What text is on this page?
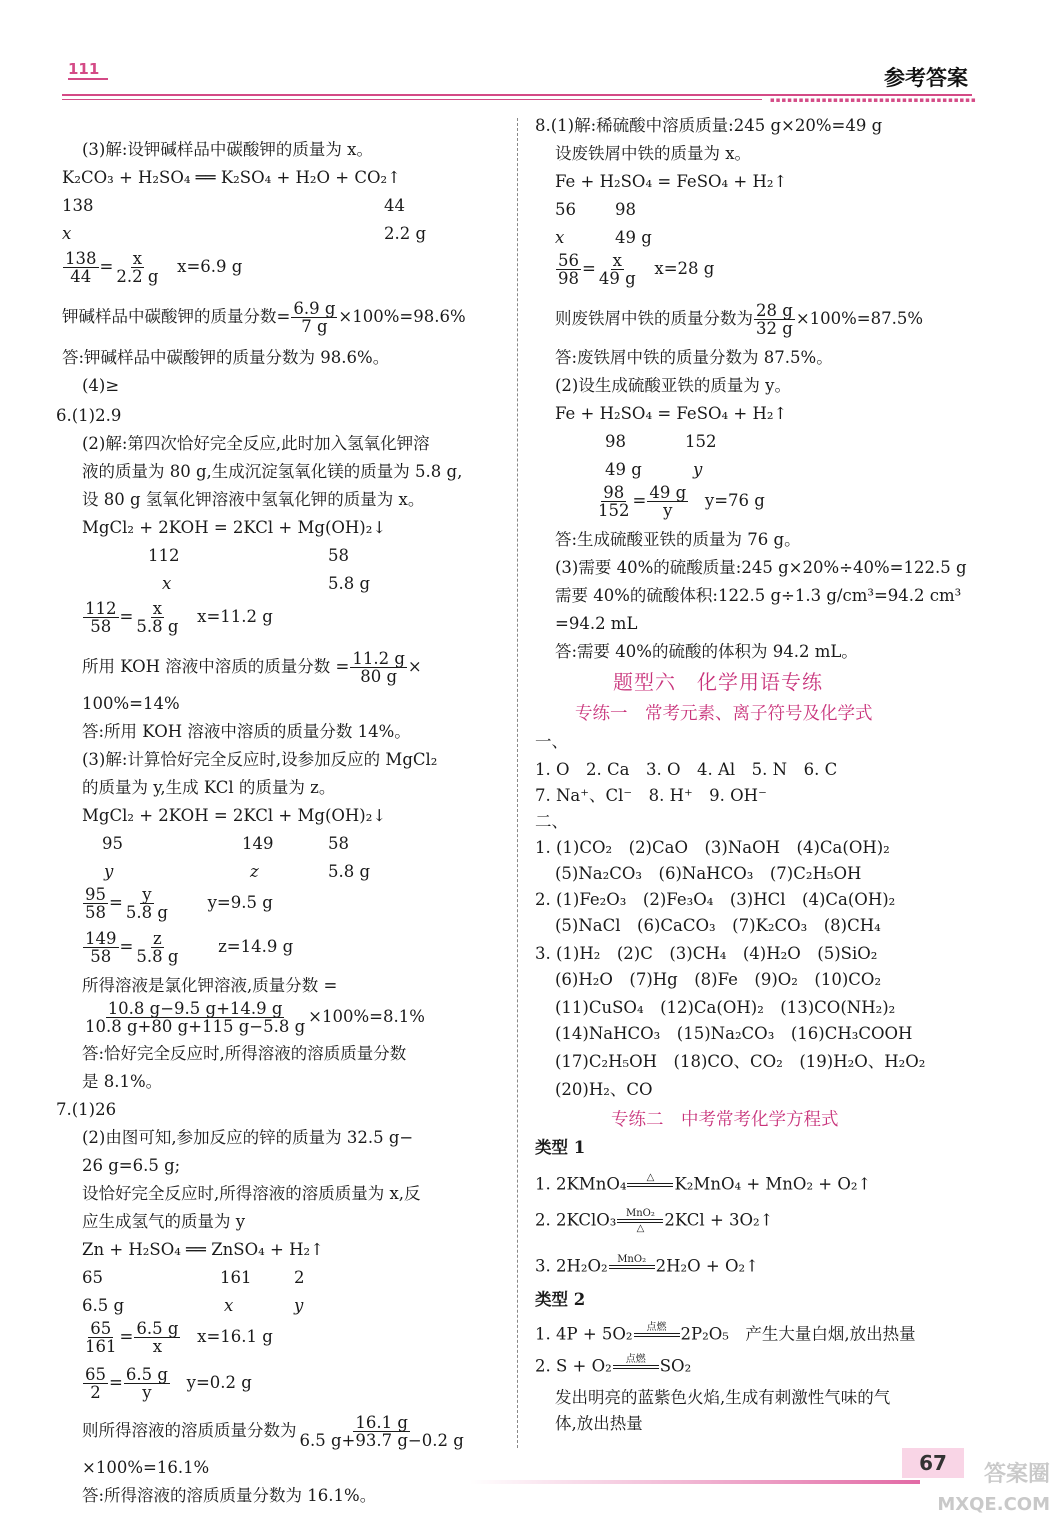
111	参考答案
▪▪▪▪▪▪▪▪▪▪▪▪▪▪▪▪▪▪▪▪▪▪▪▪▪▪▪▪▪▪▪▪▪▪▪▪
(3)解:设钾碱样品中碳酸钾的质量为 x。
K₂CO₃ + H₂SO₄ ══ K₂SO₄ + H₂O + CO₂↑
138	44
x	2.2 g
$\frac{138}{44} = \frac{x}{2.2 g} x=6.9$ g
钾碱样品中碳酸钾的质量分数= $\frac{6.9 g}{7 g} \times 100\%=98.6\%$
答:钾碱样品中碳酸钾的质量分数为 98.6%。
(4)≥
6.(1)2.9
(2)解:第四次恰好完全反应,此时加入氢氧化钾溶
液的质量为 80 g,生成沉淀氢氧化镁的质量为 5.8 g,
设 80 g 氢氧化钾溶液中氢氧化钾的质量为 x。
MgCl₂ + 2KOH = 2KCl + Mg(OH)₂↓
112	58
x	5.8 g
$\frac{112}{58} = \frac{x}{5.8 g} x=11.2$ g
所用 KOH 溶液中溶质的质量分数 = $\frac{11.2 g}{80 g}$ ×
100%=14%
答:所用 KOH 溶液中溶质的质量分数 14%。
(3)解:计算恰好完全反应时,设参加反应的 MgCl₂
的质量为 y,生成 KCl 的质量为 z。
MgCl₂ + 2KOH = 2KCl + Mg(OH)₂↓
95	149	58
y	z	5.8 g
$\frac{95}{58} = \frac{y}{5.8 g} y=9.5$ g
$\frac{149}{58} = \frac{z}{5.8 g} z=14.9$ g
所得溶液是氯化钾溶液,质量分数 =
$\frac{10.8 g-9.5 g+14.9 g}{10.8 g+80 g+115 g-5.8 g} \times 100\%=8.1\%$
答:恰好完全反应时,所得溶液的溶质质量分数
是 8.1%。
7.(1)26
(2)由图可知,参加反应的锌的质量为 32.5 g−
26 g=6.5 g;
设恰好完全反应时,所得溶液的溶质质量为 x,反
应生成氢气的质量为 y
Zn + H₂SO₄ ══ ZnSO₄ + H₂↑
65	161	2
6.5 g	x	y
$\frac{65}{161} = \frac{6.5 g}{x} x=16.1$ g
$\frac{65}{2} = \frac{6.5 g}{y} y=0.2$ g
则所得溶液的溶质质量分数为 $\frac{16.1 g}{6.5 g+93.7 g-0.2 g}$
×100%=16.1%
答:所得溶液的溶质质量分数为 16.1%。
8.(1)解:稀硫酸中溶质质量:245 g×20%=49 g
设废铁屑中铁的质量为 x。
Fe + H₂SO₄ = FeSO₄ + H₂↑
56 98
x	49 g
$\frac{56}{98} = \frac{x}{49 g} x=28$ g
则废铁屑中铁的质量分数为 $\frac{28 g}{32 g} \times 100\%=87.5\%$
答:废铁屑中铁的质量分数为 87.5%。
(2)设生成硫酸亚铁的质量为 y。
Fe + H₂SO₄ = FeSO₄ + H₂↑
98	152
49 g	y
$\frac{98}{152} = \frac{49 g}{y} y=76$ g
答:生成硫酸亚铁的质量为 76 g。
(3)需要 40%的硫酸质量:245 g×20%÷40%=122.5 g
需要 40%的硫酸体积:122.5 g÷1.3 g/cm³=94.2 cm³
=94.2 mL
答:需要 40%的硫酸的体积为 94.2 mL。
题型六　化学用语专练
专练一　常考元素、离子符号及化学式
一、
1. O　2. Ca　3. O　4. Al　5. N　6. C
7. Na⁺、Cl⁻　8. H⁺　9. OH⁻
二、
1. (1)CO₂　(2)CaO　(3)NaOH　(4)Ca(OH)₂
(5)Na₂CO₃　(6)NaHCO₃　(7)C₂H₅OH
2. (1)Fe₂O₃　(2)Fe₃O₄　(3)HCl　(4)Ca(OH)₂
(5)NaCl　(6)CaCO₃　(7)K₂CO₃　(8)CH₄
3. (1)H₂　(2)C　(3)CH₄　(4)H₂O　(5)SiO₂
(6)H₂O　(7)Hg　(8)Fe　(9)O₂　(10)CO₂
(11)CuSO₄　(12)Ca(OH)₂　(13)CO(NH₂)₂
(14)NaHCO₃　(15)Na₂CO₃　(16)CH₃COOH
(17)C₂H₅OH　(18)CO、CO₂　(19)H₂O、H₂O₂
(20)H₂、CO
专练二　中考常考化学方程式
类型 1
1. 2KMnO₄ △
K₂MnO₄ + MnO₂ + O₂↑
2. 2KClO₃ MnO₂
△ 2KCl + 3O₂↑
3. 2H₂O₂ MnO₂
2H₂O + O₂↑
类型 2
1. 4P + 5O₂ 点燃
2P₂O₅　产生大量白烟,放出热量
2. S + O₂ 点燃
SO₂
发出明亮的蓝紫色火焰,生成有刺激性气味的气
体,放出热量
67	答案圈
MXQE.COM
